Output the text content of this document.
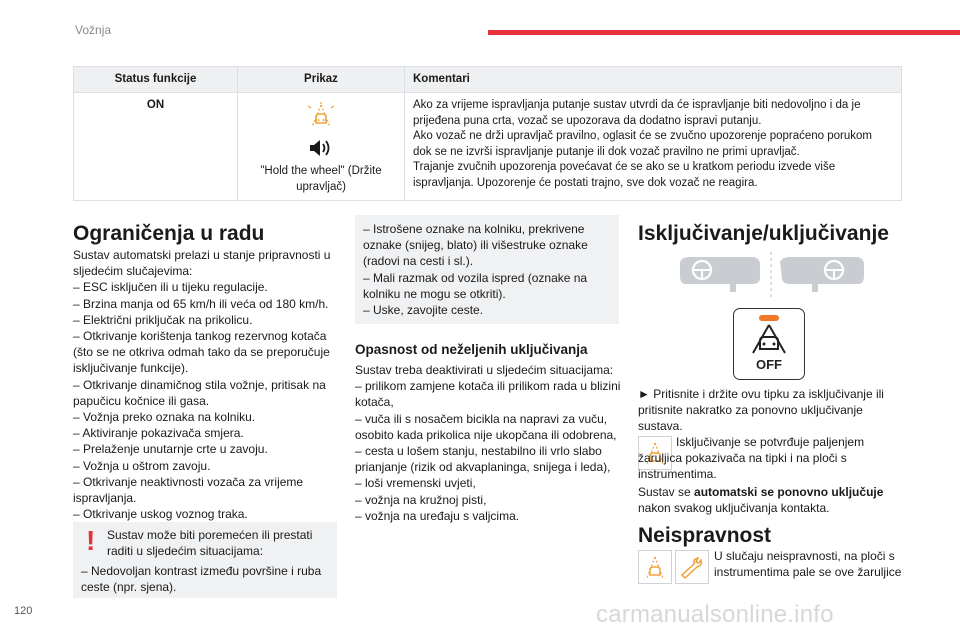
Vožnja
Status funkcije	Prikaz	Komentari
ON	"Hold the wheel" (Držite upravljač)	Ako za vrijeme ispravljanja putanje sustav utvrdi da će ispravljanje biti nedovoljno i da je prijeđena puna crta, vozač se upozorava da dodatno ispravi putanju.
Ako vozač ne drži upravljač pravilno, oglasit će se zvučno upozorenje popraćeno porukom dok se ne izvrši ispravljanje putanje ili dok vozač pravilno ne primi upravljač.
Trajanje zvučnih upozorenja povećavat će se ako se u kratkom periodu izvede više ispravljanja. Upozorenje će postati trajno, sve dok vozač ne reagira.
Ograničenja u radu
Sustav automatski prelazi u stanje pripravnosti u sljedećim slučajevima:
– ESC isključen ili u tijeku regulacije.
– Brzina manja od 65 km/h ili veća od 180 km/h.
– Električni priključak na prikolicu.
– Otkrivanje korištenja tankog rezervnog kotača (što se ne otkriva odmah tako da se preporučuje isključivanje funkcije).
– Otkrivanje dinamičnog stila vožnje, pritisak na papučicu kočnice ili gasa.
– Vožnja preko oznaka na kolniku.
– Aktiviranje pokazivača smjera.
– Prelaženje unutarnje crte u zavoju.
– Vožnja u oštrom zavoju.
– Otkrivanje neaktivnosti vozača za vrijeme ispravljanja.
– Otkrivanje uskog voznog traka.
! Sustav može biti poremećen ili prestati raditi u sljedećim situacijama:
– Nedovoljan kontrast između površine i ruba ceste (npr. sjena).
– Istrošene oznake na kolniku, prekrivene oznake (snijeg, blato) ili višestruke oznake (radovi na cesti i sl.).
– Mali razmak od vozila ispred (oznake na kolniku ne mogu se otkriti).
– Uske, zavojite ceste.
Opasnost od neželjenih uključivanja
Sustav treba deaktivirati u sljedećim situacijama:
– prilikom zamjene kotača ili prilikom rada u blizini kotača,
– vuča ili s nosačem bicikla na napravi za vuču, osobito kada prikolica nije ukopčana ili odobrena,
– cesta u lošem stanju, nestabilno ili vrlo slabo prianjanje (rizik od akvaplaninga, snijega i leda),
– loši vremenski uvjeti,
– vožnja na kružnoj pisti,
– vožnja na uređaju s valjcima.
Isključivanje/uključivanje
OFF
► Pritisnite i držite ovu tipku za isključivanje ili pritisnite nakratko za ponovno uključivanje sustava.
Isključivanje se potvrđuje paljenjem žaruljica pokazivača na tipki i na ploči s instrumentima.
Sustav se automatski se ponovno uključuje nakon svakog uključivanja kontakta.
Neispravnost
U slučaju neispravnosti, na ploči s instrumentima pale se ove žaruljice
120	carmanualsonline.info
